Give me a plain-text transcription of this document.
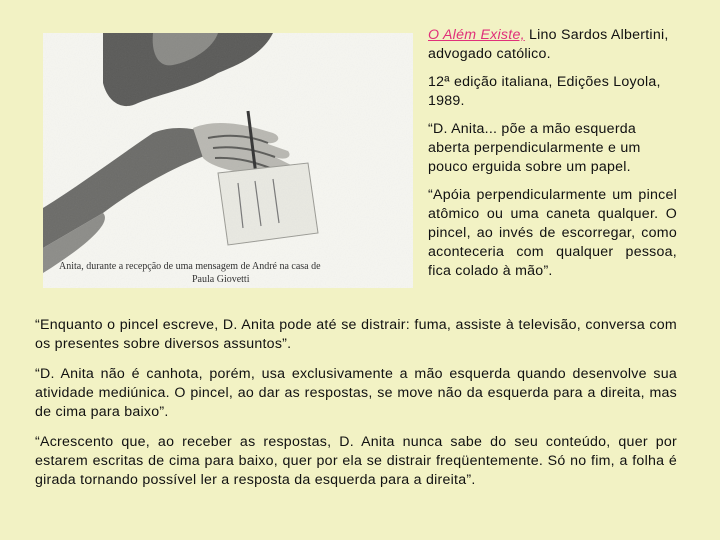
Anita, durante a recepção de uma mensagem de André na casa de
Paula Giovetti

O Além Existe, Lino Sardos Albertini, advogado católico.

12ª edição italiana, Edições Loyola, 1989.

“D. Anita... põe a mão esquerda aberta perpendicularmente e um pouco erguida sobre um papel.

“Apóia perpendicularmente um pincel atômico ou uma caneta qualquer. O pincel, ao invés de escorregar, como aconteceria com qualquer pessoa, fica colado à mão”.

“Enquanto o pincel escreve, D. Anita pode até se distrair: fuma, assiste à televisão, conversa com os presentes sobre diversos assuntos”.

“D. Anita não é canhota, porém, usa exclusivamente a mão esquerda quando desenvolve sua atividade mediúnica. O pincel, ao dar as respostas, se move não da esquerda para a direita, mas de cima para baixo”.

“Acrescento que, ao receber as respostas, D. Anita nunca sabe do seu conteúdo, quer por estarem escritas de cima para baixo, quer por ela se distrair freqüentemente. Só no fim, a folha é girada tornando possível ler a resposta da esquerda para a direita”.
